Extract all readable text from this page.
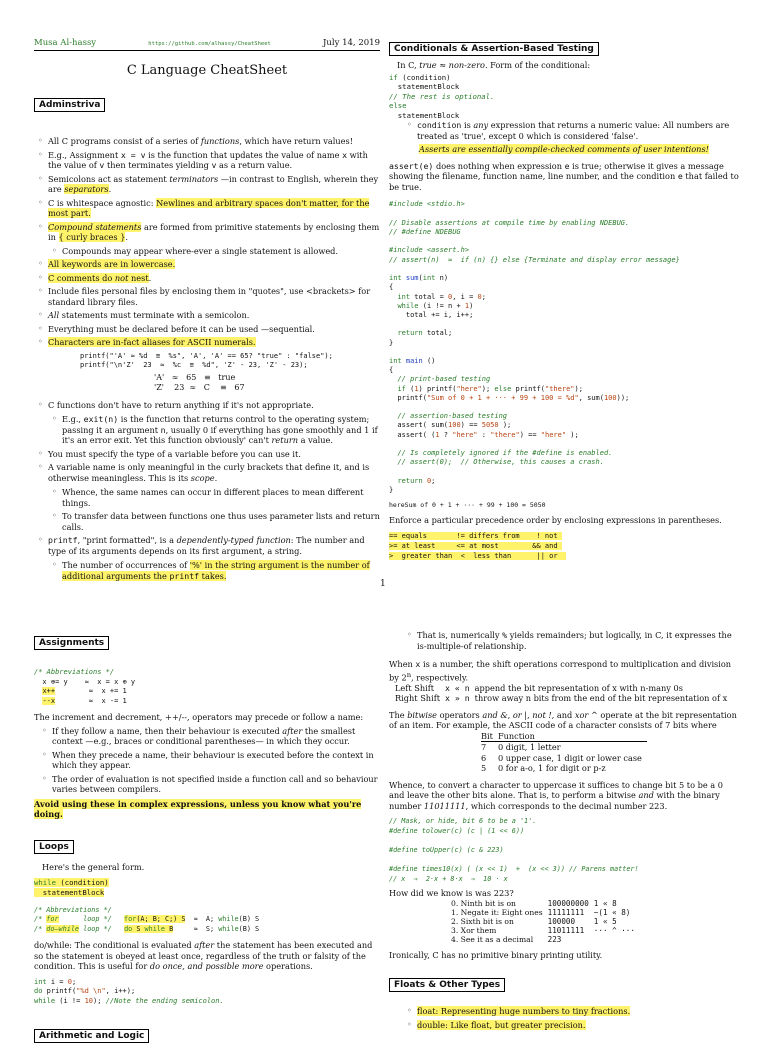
Musa Al-hassy	https://github.com/alhassy/CheatSheet	July 14, 2019
C Language CheatSheet
Adminstriva
◦ All C programs consist of a series of functions, which have return values!
◦ E.g., Assignment x = v is the function that updates the value of name x with the value of v then terminates yielding v as a return value.
◦ Semicolons act as statement terminators —in contrast to English, wherein they are separators.
◦ C is whitespace agnostic: Newlines and arbitrary spaces don't matter, for the most part.
◦ Compound statements are formed from primitive statements by enclosing them in { curly braces }.
◦ Compounds may appear where-ever a single statement is allowed.
◦ All keywords are in lowercase.
◦ C comments do not nest.
◦ Include files personal files by enclosing them in "quotes", use <brackets> for standard library files.
◦ All statements must terminate with a semicolon.
◦ Everything must be declared before it can be used —sequential.
◦ Characters are in-fact aliases for ASCII numerals.
printf("'A' ≈ %d  ≡  %s", 'A', 'A' == 65? "true" : "false");
printf("\n'Z'  23  ≈  %c  ≡  %d", 'Z' - 23, 'Z' - 23);
'A'   ≈   65   ≡   true
'Z'    23  ≈   C    ≡   67
◦ C functions don't have to return anything if it's not appropriate.
◦ E.g., exit(n) is the function that returns control to the operating system; passing it an argument n, usually 0 if everything has gone smoothly and 1 if it's an error exit. Yet this function obviously' can't return a value.
◦ You must specify the type of a variable before you can use it.
◦ A variable name is only meaningful in the curly brackets that define it, and is otherwise meaningless. This is its scope.
◦ Whence, the same names can occur in different places to mean different things.
◦ To transfer data between functions one thus uses parameter lists and return calls.
◦ printf, "print formatted", is a dependently-typed function: The number and type of its arguments depends on its first argument, a string.
◦ The number of occurrences of '%' in the string argument is the number of additional arguments the printf takes.
Conditionals & Assertion-Based Testing
In C, true ≈ non-zero. Form of the conditional:
if (condition)
statementBlock
// The rest is optional.
else
statementBlock
◦ condition is any expression that returns a numeric value: All numbers are treated as 'true', except 0 which is considered 'false'.
Asserts are essentially compile-checked comments of user intentions!
assert(e) does nothing when expression e is true; otherwise it gives a message showing the filename, function name, line number, and the condition e that failed to be true.
#include <stdio.h>

// Disable assertions at compile time by enabling NDEBUG.
// #define NDEBUG

#include <assert.h>
// assert(n)  ≈  if (n) {} else {Terminate and display error message}

int sum(int n)
{
int total = 0, i = 0;
while (i != n + 1)
total += i, i++;

return total;
}

int main ()
{
// print-based testing
if (1) printf("here"); else printf("there");
printf("Sum of 0 + 1 + ··· + 99 + 100 = %d", sum(100));

// assertion-based testing
assert( sum(100) == 5050 );
assert( (1 ? "here" : "there") == "here" );

// Is completely ignored if the #define is enabled.
// assert(0);  // Otherwise, this causes a crash.

return 0;
}
hereSum of 0 + 1 + ··· + 99 + 100 = 5050
Enforce a particular precedence order by enclosing expressions in parentheses.
== equals       != differs from    ! not
>= at least     <= at most        && and
>  greater than  <  less than      || or
1
Assignments
/* Abbreviations */
x ⊕= y    ≈  x = x ⊕ y
x++	≈  x += 1
--x        ≈  x -= 1
The increment and decrement, ++/--, operators may precede or follow a name:
◦ If they follow a name, then their behaviour is executed after the smallest context —e.g., braces or conditional parentheses— in which they occur.
◦ When they precede a name, their behaviour is executed before the context in which they appear.
◦ The order of evaluation is not specified inside a function call and so behaviour varies between compilers.
Avoid using these in complex expressions, unless you know what you're doing.
Loops
Here's the general form.
while (condition)
statementBlock
/* Abbreviations */
/* for      loop */ for(A; B; C;) S  ≈  A; while(B) S
/* do–while loop */ do S while B     ≈  S; while(B) S
do/while: The conditional is evaluated after the statement has been executed and so the statement is obeyed at least once, regardless of the truth or falsity of the condition. This is useful for do once, and possible more operations.
int i = 0;
do printf("%d \n", i++);
while (i != 10); //Note the ending semicolon.
Arithmetic and Logic
◦ That is, numerically % yields remainders; but logically, in C, it expresses the is-multiple-of relationship.
When x is a number, the shift operations correspond to multiplication and division by 2$^n$, respectively.
Left Shift	x « n	append the bit representation of x with n-many 0s
Right Shift	x » n	throw away n bits from the end of the bit representation of x
The bitwise operators and &, or |, not !, and xor ^ operate at the bit representation of an item. For example, the ASCII code of a character consists of 7 bits where
Bit	Function
7	0 digit, 1 letter
6	0 upper case, 1 digit or lower case
5	0 for a-o, 1 for digit or p-z
Whence, to convert a character to uppercase it suffices to change bit 5 to be a 0 and leave the other bits alone. That is, to perform a bitwise and with the binary number 11011111, which corresponds to the decimal number 223.
// Mask, or hide, bit 6 to be a '1'.
#define tolower(c) (c | (1 << 6))

#define toUpper(c) (c & 223)

#define times10(x) ( (x << 1)  +  (x << 3)) // Parens matter!
// x  ⇒  2·x + 8·x  ⇒  10 · x
How did we know is was 223?
0. Ninth bit is on	100000000	1 « 8
1. Negate it: Eight ones	11111111	~(1 « 8)
2. Sixth bit is on	100000	1 « 5
3. Xor them	11011111	··· ^ ···
4. See it as a decimal	223	
Ironically, C has no primitive binary printing utility.
Floats & Other Types
◦ float: Representing huge numbers to tiny fractions.
◦ double: Like float, but greater precision.
